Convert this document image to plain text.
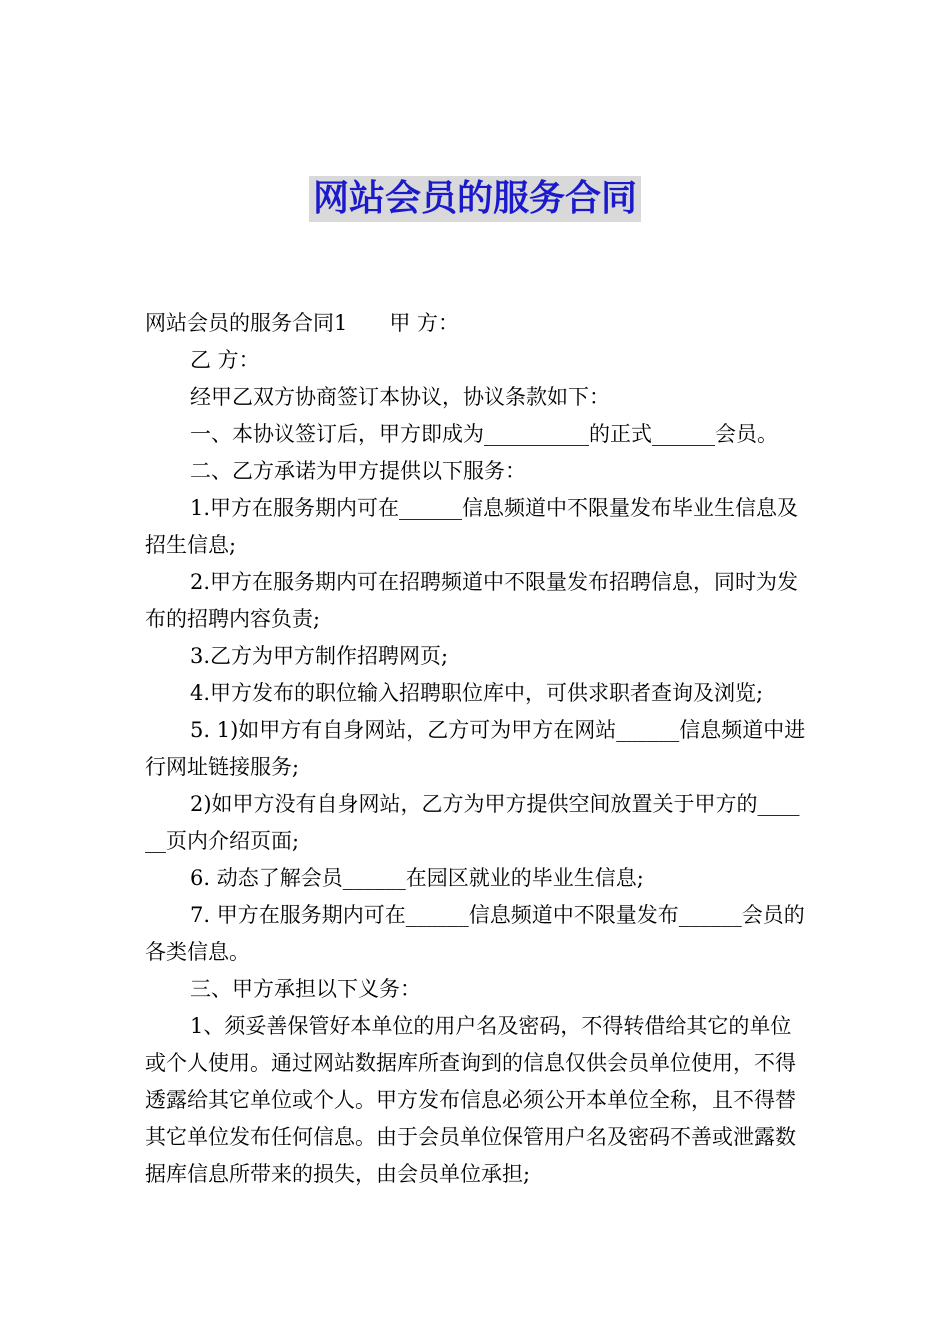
网站会员的服务合同

网站会员的服务合同1　　甲 方：

乙 方：

经甲乙双方协商签订本协议，协议条款如下：

一、本协议签订后，甲方即成为__________的正式______会员。

二、乙方承诺为甲方提供以下服务：

1.甲方在服务期内可在______信息频道中不限量发布毕业生信息及招生信息;

2.甲方在服务期内可在招聘频道中不限量发布招聘信息，同时为发布的招聘内容负责;

3.乙方为甲方制作招聘网页;

4.甲方发布的职位输入招聘职位库中，可供求职者查询及浏览;

5. 1)如甲方有自身网站，乙方可为甲方在网站______信息频道中进行网址链接服务;

2)如甲方没有自身网站，乙方为甲方提供空间放置关于甲方的______页内介绍页面;

6. 动态了解会员______在园区就业的毕业生信息;

7. 甲方在服务期内可在______信息频道中不限量发布______会员的各类信息。

三、甲方承担以下义务：

1、须妥善保管好本单位的用户名及密码，不得转借给其它的单位或个人使用。通过网站数据库所查询到的信息仅供会员单位使用，不得透露给其它单位或个人。甲方发布信息必须公开本单位全称，且不得替其它单位发布任何信息。由于会员单位保管用户名及密码不善或泄露数据库信息所带来的损失，由会员单位承担;
